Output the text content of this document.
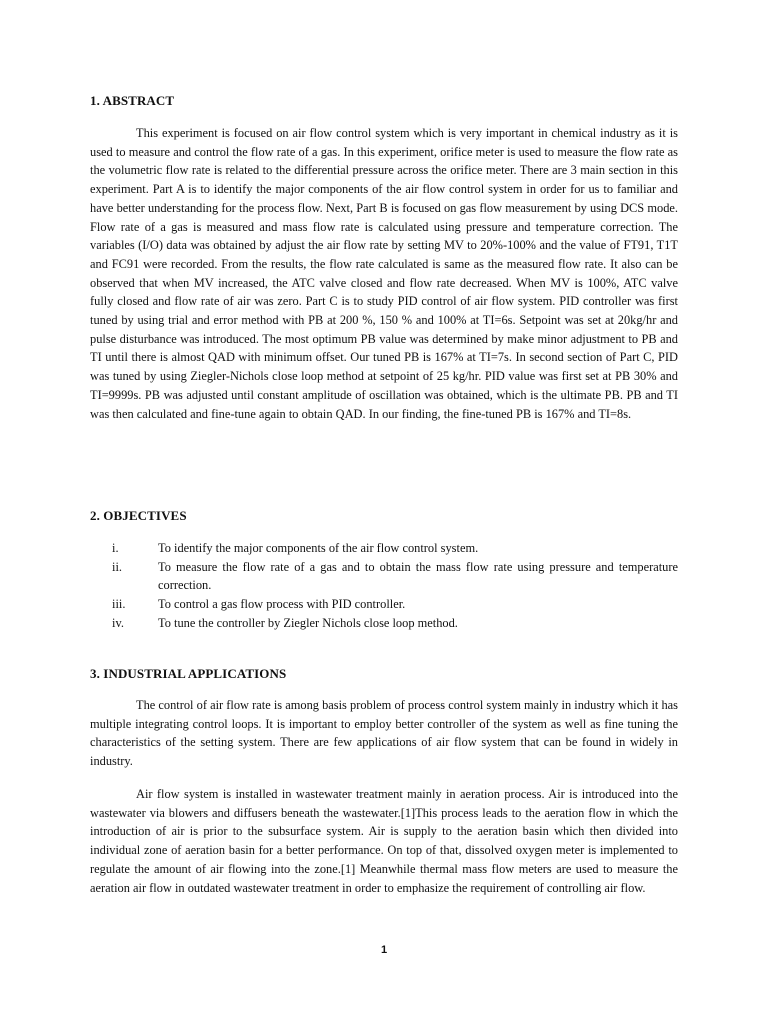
1. ABSTRACT

This experiment is focused on air flow control system which is very important in chemical industry as it is used to measure and control the flow rate of a gas. In this experiment, orifice meter is used to measure the flow rate as the volumetric flow rate is related to the differential pressure across the orifice meter. There are 3 main section in this experiment. Part A is to identify the major components of the air flow control system in order for us to familiar and have better understanding for the process flow. Next, Part B is focused on gas flow measurement by using DCS mode. Flow rate of a gas is measured and mass flow rate is calculated using pressure and temperature correction. The variables (I/O) data was obtained by adjust the air flow rate by setting MV to 20%-100% and the value of FT91, T1T and FC91 were recorded. From the results, the flow rate calculated is same as the measured flow rate. It also can be observed that when MV increased, the ATC valve closed and flow rate decreased. When MV is 100%, ATC valve fully closed and flow rate of air was zero. Part C is to study PID control of air flow system. PID controller was first tuned by using trial and error method with PB at 200 %, 150 % and 100% at TI=6s. Setpoint was set at 20kg/hr and pulse disturbance was introduced. The most optimum PB value was determined by make minor adjustment to PB and TI until there is almost QAD with minimum offset. Our tuned PB is 167% at TI=7s. In second section of Part C, PID was tuned by using Ziegler-Nichols close loop method at setpoint of 25 kg/hr. PID value was first set at PB 30% and TI=9999s. PB was adjusted until constant amplitude of oscillation was obtained, which is the ultimate PB. PB and TI was then calculated and fine-tune again to obtain QAD. In our finding, the fine-tuned PB is 167% and TI=8s.

2. OBJECTIVES
i.	To identify the major components of the air flow control system.
ii.	To measure the flow rate of a gas and to obtain the mass flow rate using pressure and temperature correction.
iii.	To control a gas flow process with PID controller.
iv.	To tune the controller by Ziegler Nichols close loop method.
3. INDUSTRIAL APPLICATIONS

The control of air flow rate is among basis problem of process control system mainly in industry which it has multiple integrating control loops. It is important to employ better controller of the system as well as fine tuning the characteristics of the setting system. There are few applications of air flow system that can be found in widely in industry.

Air flow system is installed in wastewater treatment mainly in aeration process. Air is introduced into the wastewater via blowers and diffusers beneath the wastewater.[1]This process leads to the aeration flow in which the introduction of air is prior to the subsurface system. Air is supply to the aeration basin which then divided into individual zone of aeration basin for a better performance. On top of that, dissolved oxygen meter is implemented to regulate the amount of air flowing into the zone.[1] Meanwhile thermal mass flow meters are used to measure the aeration air flow in outdated wastewater treatment in order to emphasize the requirement of controlling air flow.

1
